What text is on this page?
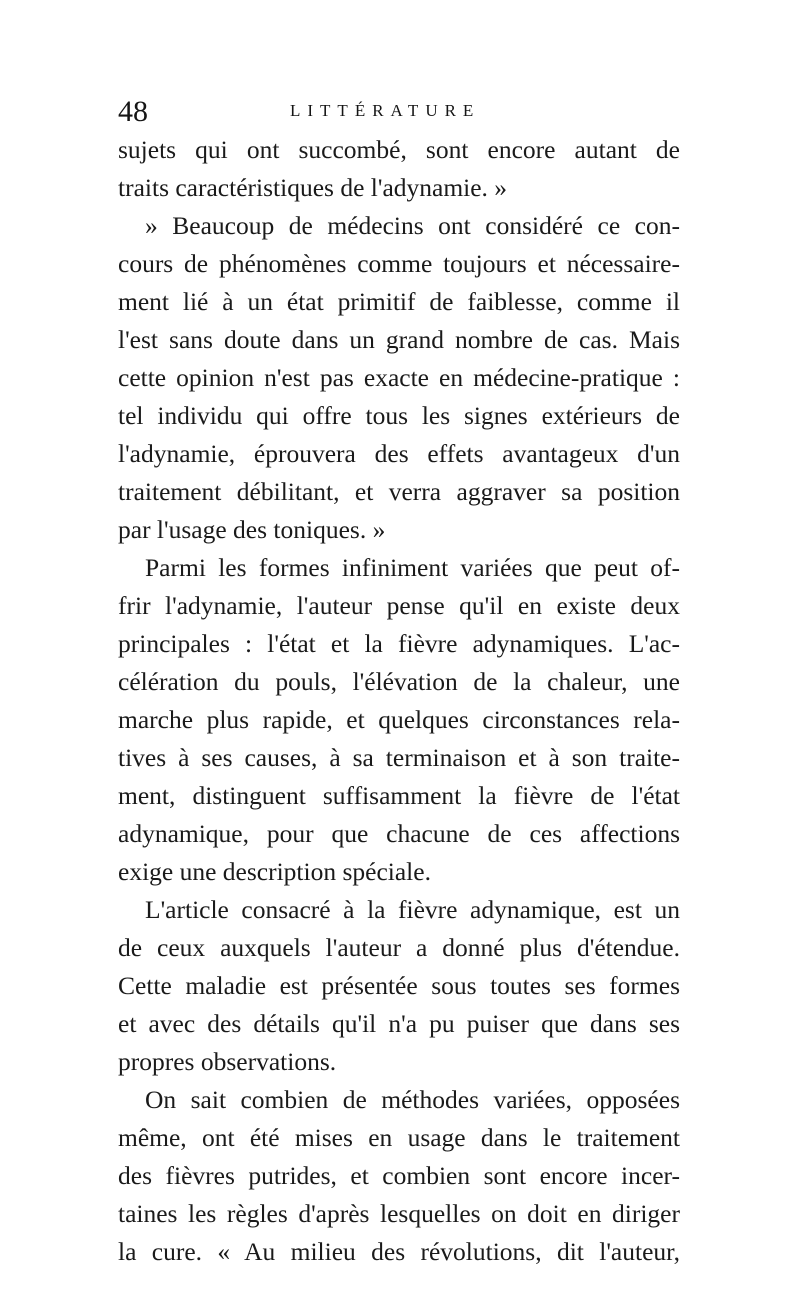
48	LITTÉRATURE
sujets qui ont succombé, sont encore autant de
traits caractéristiques de l'adynamie. »
» Beaucoup de médecins ont considéré ce con-
cours de phénomènes comme toujours et nécessaire-
ment lié à un état primitif de faiblesse, comme il
l'est sans doute dans un grand nombre de cas. Mais
cette opinion n'est pas exacte en médecine-pratique :
tel individu qui offre tous les signes extérieurs de
l'adynamie, éprouvera des effets avantageux d'un
traitement débilitant, et verra aggraver sa position
par l'usage des toniques. »
Parmi les formes infiniment variées que peut of-
frir l'adynamie, l'auteur pense qu'il en existe deux
principales : l'état et la fièvre adynamiques. L'ac-
célération du pouls, l'élévation de la chaleur, une
marche plus rapide, et quelques circonstances rela-
tives à ses causes, à sa terminaison et à son traite-
ment, distinguent suffisamment la fièvre de l'état
adynamique, pour que chacune de ces affections
exige une description spéciale.
L'article consacré à la fièvre adynamique, est un
de ceux auxquels l'auteur a donné plus d'étendue.
Cette maladie est présentée sous toutes ses formes
et avec des détails qu'il n'a pu puiser que dans ses
propres observations.
On sait combien de méthodes variées, opposées
même, ont été mises en usage dans le traitement
des fièvres putrides, et combien sont encore incer-
taines les règles d'après lesquelles on doit en diriger
la cure. « Au milieu des révolutions, dit l'auteur,
